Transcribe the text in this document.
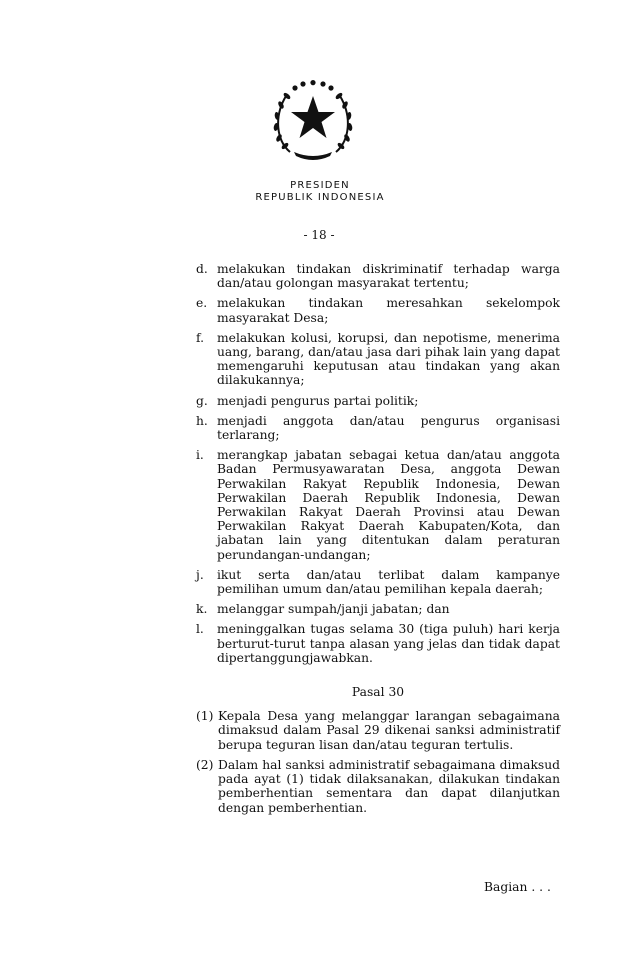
PRESIDEN
REPUBLIK INDONESIA
- 18 -
d. melakukan tindakan diskriminatif terhadap warga dan/atau golongan masyarakat tertentu;
e. melakukan tindakan meresahkan sekelompok masyarakat Desa;
f.	melakukan kolusi, korupsi, dan nepotisme, menerima uang, barang, dan/atau jasa dari pihak lain yang dapat memengaruhi keputusan atau tindakan yang akan dilakukannya;
g. menjadi pengurus partai politik;
h. menjadi anggota dan/atau pengurus organisasi terlarang;
i.	merangkap jabatan sebagai ketua dan/atau anggota Badan Permusyawaratan Desa, anggota Dewan Perwakilan Rakyat Republik Indonesia, Dewan Perwakilan Daerah Republik Indonesia, Dewan Perwakilan Rakyat Daerah Provinsi atau Dewan Perwakilan Rakyat Daerah Kabupaten/Kota, dan jabatan lain yang ditentukan dalam peraturan perundangan-undangan;
j.	ikut serta dan/atau terlibat dalam kampanye pemilihan umum dan/atau pemilihan kepala daerah;
k. melanggar sumpah/janji jabatan; dan
l.	meninggalkan tugas selama 30 (tiga puluh) hari kerja berturut-turut tanpa alasan yang jelas dan tidak dapat dipertanggungjawabkan.
Pasal 30
(1) Kepala Desa yang melanggar larangan sebagaimana dimaksud dalam Pasal 29 dikenai sanksi administratif berupa teguran lisan dan/atau teguran tertulis.
(2) Dalam hal sanksi administratif sebagaimana dimaksud pada ayat (1) tidak dilaksanakan, dilakukan tindakan pemberhentian sementara dan dapat dilanjutkan dengan pemberhentian.
Bagian . . .
